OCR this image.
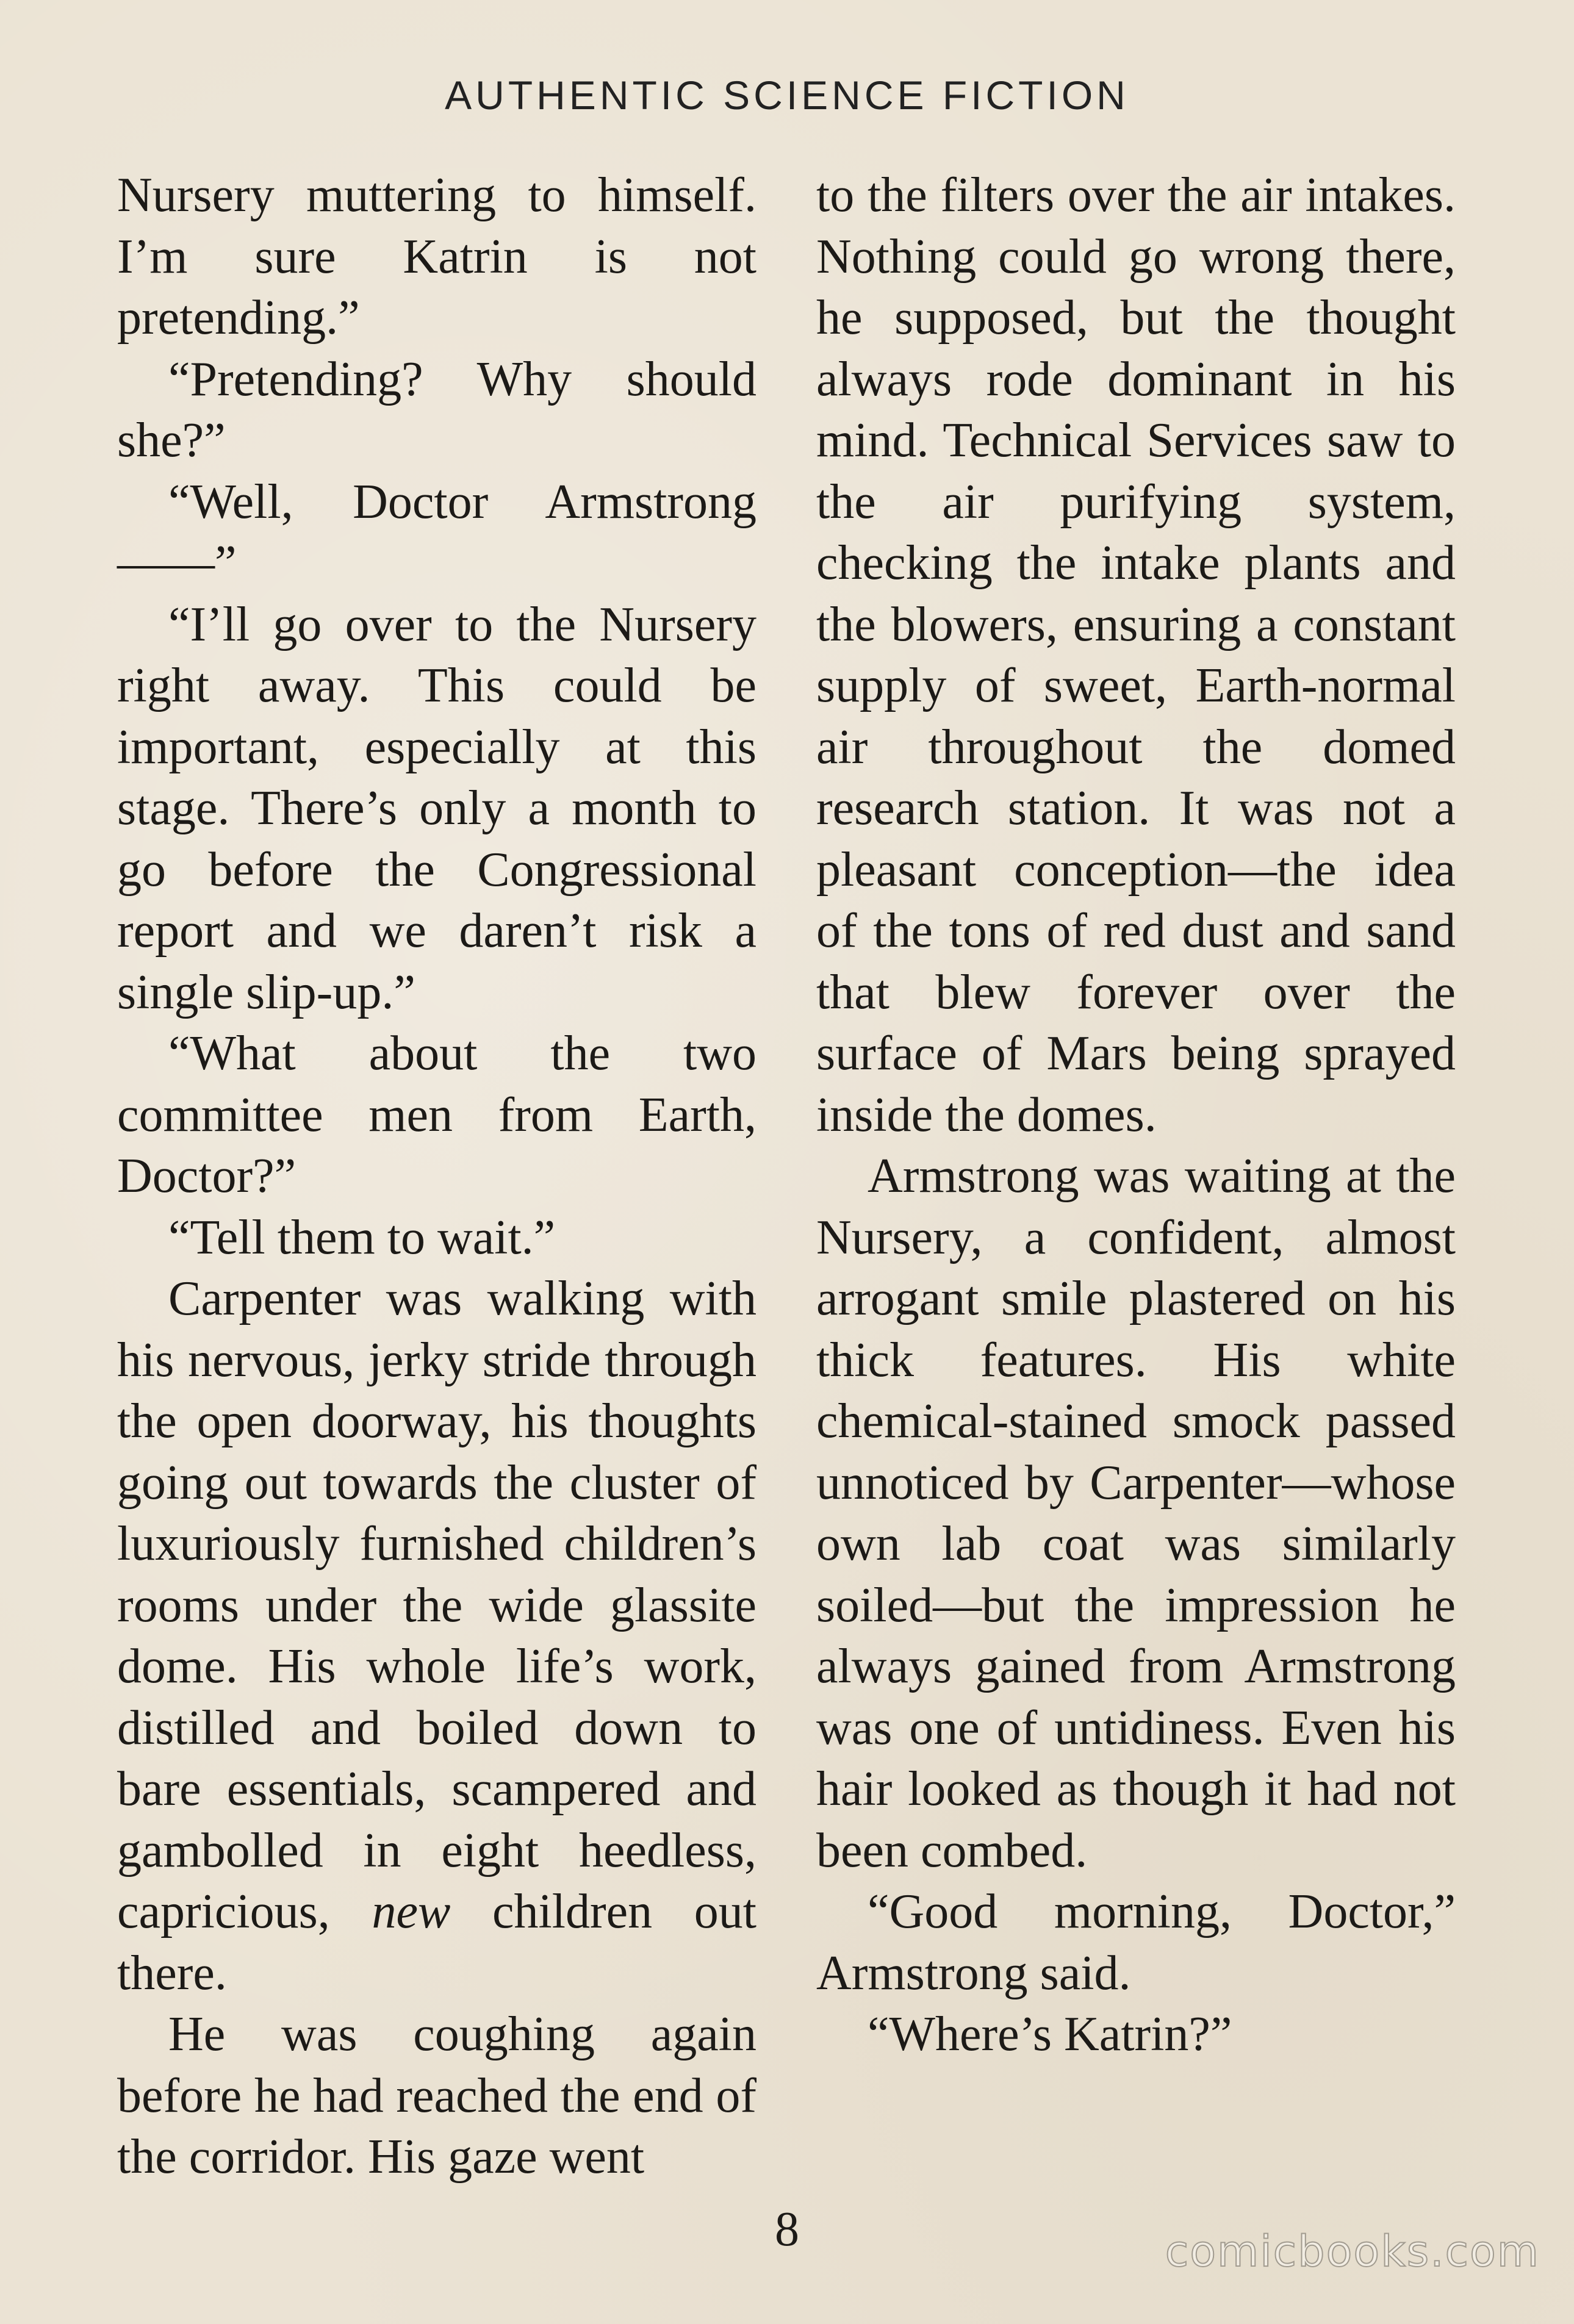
AUTHENTIC SCIENCE FICTION

Nursery muttering to himself. I’m sure Katrin is not pretending.”

“Pretending? Why should she?”

“Well, Doctor Armstrong——”

“I’ll go over to the Nursery right away. This could be important, especially at this stage. There’s only a month to go before the Congressional report and we daren’t risk a single slip-up.”

“What about the two committee men from Earth, Doctor?”

“Tell them to wait.”

Carpenter was walking with his nervous, jerky stride through the open doorway, his thoughts going out towards the cluster of luxuriously furnished children’s rooms under the wide glassite dome. His whole life’s work, distilled and boiled down to bare essentials, scampered and gambolled in eight heedless, capricious, new children out there.

He was coughing again before he had reached the end of the corridor. His gaze went

to the filters over the air intakes. Nothing could go wrong there, he supposed, but the thought always rode dominant in his mind. Technical Services saw to the air purifying system, checking the intake plants and the blowers, ensuring a constant supply of sweet, Earth-normal air throughout the domed research station. It was not a pleasant conception—the idea of the tons of red dust and sand that blew forever over the surface of Mars being sprayed inside the domes.

Armstrong was waiting at the Nursery, a confident, almost arrogant smile plastered on his thick features. His white chemical-stained smock passed unnoticed by Carpenter—whose own lab coat was similarly soiled—but the impression he always gained from Armstrong was one of untidiness. Even his hair looked as though it had not been combed.

“Good morning, Doctor,” Armstrong said.

“Where’s Katrin?”

8	comicbooks.com
